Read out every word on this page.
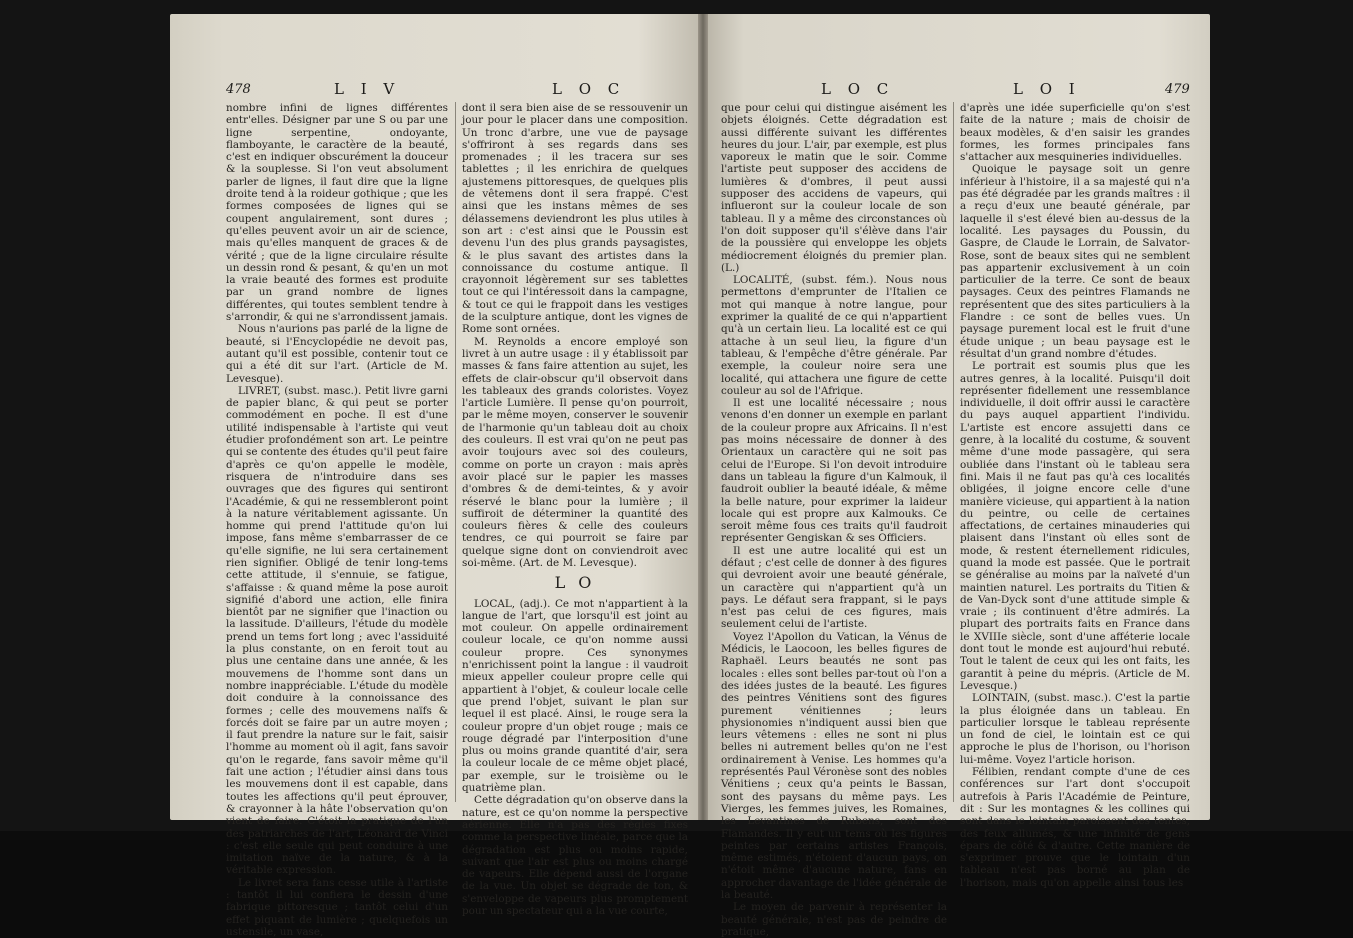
478	L I V	L O C

nombre infini de lignes différentes entr'elles. Désigner par une S ou par une ligne serpentine, ondoyante, flamboyante, le caractère de la beauté, c'est en indiquer obscurément la douceur & la souplesse. Si l'on veut absolument parler de lignes, il faut dire que la ligne droite tend à la roideur gothique ; que les formes composées de lignes qui se coupent angulairement, sont dures ; qu'elles peuvent avoir un air de science, mais qu'elles manquent de graces & de vérité ; que de la ligne circulaire résulte un dessin rond & pesant, & qu'en un mot la vraie beauté des formes est produite par un grand nombre de lignes différentes, qui toutes semblent tendre à s'arrondir, & qui ne s'arrondissent jamais.

Nous n'aurions pas parlé de la ligne de beauté, si l'Encyclopédie ne devoit pas, autant qu'il est possible, contenir tout ce qui a été dit sur l'art. (Article de M. Levesque).

LIVRET, (subst. masc.). Petit livre garni de papier blanc, & qui peut se porter commodément en poche. Il est d'une utilité indispensable à l'artiste qui veut étudier profondément son art. Le peintre qui se contente des études qu'il peut faire d'après ce qu'on appelle le modèle, risquera de n'introduire dans ses ouvrages que des figures qui sentiront l'Académie, & qui ne ressembleront point à la nature véritablement agissante. Un homme qui prend l'attitude qu'on lui impose, fans même s'embarrasser de ce qu'elle signifie, ne lui sera certainement rien signifier. Obligé de tenir long-tems cette attitude, il s'ennuie, se fatigue, s'affaisse : & quand même la pose auroit signifié d'abord une action, elle finira bientôt par ne signifier que l'inaction ou la lassitude. D'ailleurs, l'étude du modèle prend un tems fort long ; avec l'assiduité la plus constante, on en feroit tout au plus une centaine dans une année, & les mouvemens de l'homme sont dans un nombre inappréciable. L'étude du modèle doit conduire à la connoissance des formes ; celle des mouvemens naïfs & forcés doit se faire par un autre moyen ; il faut prendre la nature sur le fait, saisir l'homme au moment où il agit, fans savoir qu'on le regarde, fans savoir même qu'il fait une action ; l'étudier ainsi dans tous les mouvemens dont il est capable, dans toutes les affections qu'il peut éprouver, & crayonner à la hâte l'observation qu'on vient de faire. C'étoit la pratique de l'un des patriarches de l'art, Léonard de Vinci : c'est elle seule qui peut conduire à une imitation naïve de la nature, & à la véritable expression.

Le livret sera fans cesse utile à l'artiste : tantôt il lui confiera le dessin d'une fabrique pittoresque ; tantôt celui d'un effet piquant de lumière ; quelquefois un ustensile, un vase,

dont il sera bien aise de se ressouvenir un jour pour le placer dans une composition. Un tronc d'arbre, une vue de paysage s'offriront à ses regards dans ses promenades ; il les tracera sur ses tablettes ; il les enrichira de quelques ajustemens pittoresques, de quelques plis de vêtemens dont il sera frappé. C'est ainsi que les instans mêmes de ses délassemens deviendront les plus utiles à son art : c'est ainsi que le Poussin est devenu l'un des plus grands paysagistes, & le plus savant des artistes dans la connoissance du costume antique. Il crayonnoit légèrement sur ses tablettes tout ce qui l'intéressoit dans la campagne, & tout ce qui le frappoit dans les vestiges de la sculpture antique, dont les vignes de Rome sont ornées.

M. Reynolds a encore employé son livret à un autre usage : il y établissoit par masses & fans faire attention au sujet, les effets de clair-obscur qu'il observoit dans les tableaux des grands coloristes. Voyez l'article Lumière. Il pense qu'on pourroit, par le même moyen, conserver le souvenir de l'harmonie qu'un tableau doit au choix des couleurs. Il est vrai qu'on ne peut pas avoir toujours avec soi des couleurs, comme on porte un crayon : mais après avoir placé sur le papier les masses d'ombres & de demi-teintes, & y avoir réservé le blanc pour la lumière ; il suffiroit de déterminer la quantité des couleurs fières & celle des couleurs tendres, ce qui pourroit se faire par quelque signe dont on conviendroit avec soi-même. (Art. de M. Levesque).

L O

LOCAL, (adj.). Ce mot n'appartient à la langue de l'art, que lorsqu'il est joint au mot couleur. On appelle ordinairement couleur locale, ce qu'on nomme aussi couleur propre. Ces synonymes n'enrichissent point la langue : il vaudroit mieux appeller couleur propre celle qui appartient à l'objet, & couleur locale celle que prend l'objet, suivant le plan sur lequel il est placé. Ainsi, le rouge sera la couleur propre d'un objet rouge ; mais ce rouge dégradé par l'interposition d'une plus ou moins grande quantité d'air, sera la couleur locale de ce même objet placé, par exemple, sur le troisième ou le quatrième plan.

Cette dégradation qu'on observe dans la nature, est ce qu'on nomme la perspective aérienne. Elle n'a pas des règles fixes comme la perspective linéale, parce que la dégradation est plus ou moins rapide, suivant que l'air est plus ou moins chargé de vapeurs. Elle dépend aussi de l'organe de la vue. Un objet se dégrade de ton, & s'enveloppe de vapeurs plus promptement pour un spectateur qui a la vue courte,

L O C	L O I	479

que pour celui qui distingue aisément les objets éloignés. Cette dégradation est aussi différente suivant les différentes heures du jour. L'air, par exemple, est plus vaporeux le matin que le soir. Comme l'artiste peut supposer des accidens de lumières & d'ombres, il peut aussi supposer des accidens de vapeurs, qui influeront sur la couleur locale de son tableau. Il y a même des circonstances où l'on doit supposer qu'il s'élève dans l'air de la poussière qui enveloppe les objets médiocrement éloignés du premier plan. (L.)

LOCALITÉ, (subst. fém.). Nous nous permettons d'emprunter de l'Italien ce mot qui manque à notre langue, pour exprimer la qualité de ce qui n'appartient qu'à un certain lieu. La localité est ce qui attache à un seul lieu, la figure d'un tableau, & l'empêche d'être générale. Par exemple, la couleur noire sera une localité, qui attachera une figure de cette couleur au sol de l'Afrique.

Il est une localité nécessaire ; nous venons d'en donner un exemple en parlant de la couleur propre aux Africains. Il n'est pas moins nécessaire de donner à des Orientaux un caractère qui ne soit pas celui de l'Europe. Si l'on devoit introduire dans un tableau la figure d'un Kalmouk, il faudroit oublier la beauté idéale, & même la belle nature, pour exprimer la laideur locale qui est propre aux Kalmouks. Ce seroit même fous ces traits qu'il faudroit représenter Gengiskan & ses Officiers.

Il est une autre localité qui est un défaut ; c'est celle de donner à des figures qui devroient avoir une beauté générale, un caractère qui n'appartient qu'à un pays. Le défaut sera frappant, si le pays n'est pas celui de ces figures, mais seulement celui de l'artiste.

Voyez l'Apollon du Vatican, la Vénus de Médicis, le Laocoon, les belles figures de Raphaël. Leurs beautés ne sont pas locales : elles sont belles par-tout où l'on a des idées justes de la beauté. Les figures des peintres Vénitiens sont des figures purement vénitiennes ; leurs physionomies n'indiquent aussi bien que leurs vêtemens : elles ne sont ni plus belles ni autrement belles qu'on ne l'est ordinairement à Venise. Les hommes qu'a représentés Paul Véronèse sont des nobles Vénitiens ; ceux qu'a peints le Bassan, sont des paysans du même pays. Les Vierges, les femmes juives, les Romaines, les Levantines de Rubens, sont des Flamandes. Il y eut un tems où les figures peintes par certains artistes François, même estimés, n'étoient d'aucun pays, on n'étoit même d'aucune nature, fans en approcher davantage de l'idée générale de la beauté.

Le moyen de parvenir à représenter la beauté générale, n'est pas de peindre de pratique,

d'après une idée superficielle qu'on s'est faite de la nature ; mais de choisir de beaux modèles, & d'en saisir les grandes formes, les formes principales fans s'attacher aux mesquineries individuelles.

Quoique le paysage soit un genre inférieur à l'histoire, il a sa majesté qui n'a pas été dégradée par les grands maîtres : il a reçu d'eux une beauté générale, par laquelle il s'est élevé bien au-dessus de la localité. Les paysages du Poussin, du Gaspre, de Claude le Lorrain, de Salvator-Rose, sont de beaux sites qui ne semblent pas appartenir exclusivement à un coin particulier de la terre. Ce sont de beaux paysages. Ceux des peintres Flamands ne représentent que des sites particuliers à la Flandre : ce sont de belles vues. Un paysage purement local est le fruit d'une étude unique ; un beau paysage est le résultat d'un grand nombre d'études.

Le portrait est soumis plus que les autres genres, à la localité. Puisqu'il doit représenter fidellement une ressemblance individuelle, il doit offrir aussi le caractère du pays auquel appartient l'individu. L'artiste est encore assujetti dans ce genre, à la localité du costume, & souvent même d'une mode passagère, qui sera oubliée dans l'instant où le tableau sera fini. Mais il ne faut pas qu'à ces localités obligées, il joigne encore celle d'une manière vicieuse, qui appartient à la nation du peintre, ou celle de certaines affectations, de certaines minauderies qui plaisent dans l'instant où elles sont de mode, & restent éternellement ridicules, quand la mode est passée. Que le portrait se généralise au moins par la naïveté d'un maintien naturel. Les portraits du Titien & de Van-Dyck sont d'une attitude simple & vraie ; ils continuent d'être admirés. La plupart des portraits faits en France dans le XVIIIe siècle, sont d'une afféterie locale dont tout le monde est aujourd'hui rebuté. Tout le talent de ceux qui les ont faits, les garantit à peine du mépris. (Article de M. Levesque.)

LOINTAIN, (subst. masc.). C'est la partie la plus éloignée dans un tableau. En particulier lorsque le tableau représente un fond de ciel, le lointain est ce qui approche le plus de l'horison, ou l'horison lui-même. Voyez l'article horison.

Félibien, rendant compte d'une de ces conférences sur l'art dont s'occupoit autrefois à Paris l'Académie de Peinture, dit : Sur les montagnes & les collines qui sont dans le lointain paroissent des tentes, des feux allumés, & une infinité de gens épars de côté & d'autre. Cette manière de s'exprimer prouve que le lointain d'un tableau n'est pas borné au plan de l'horison, mais qu'on appelle ainsi tous les
